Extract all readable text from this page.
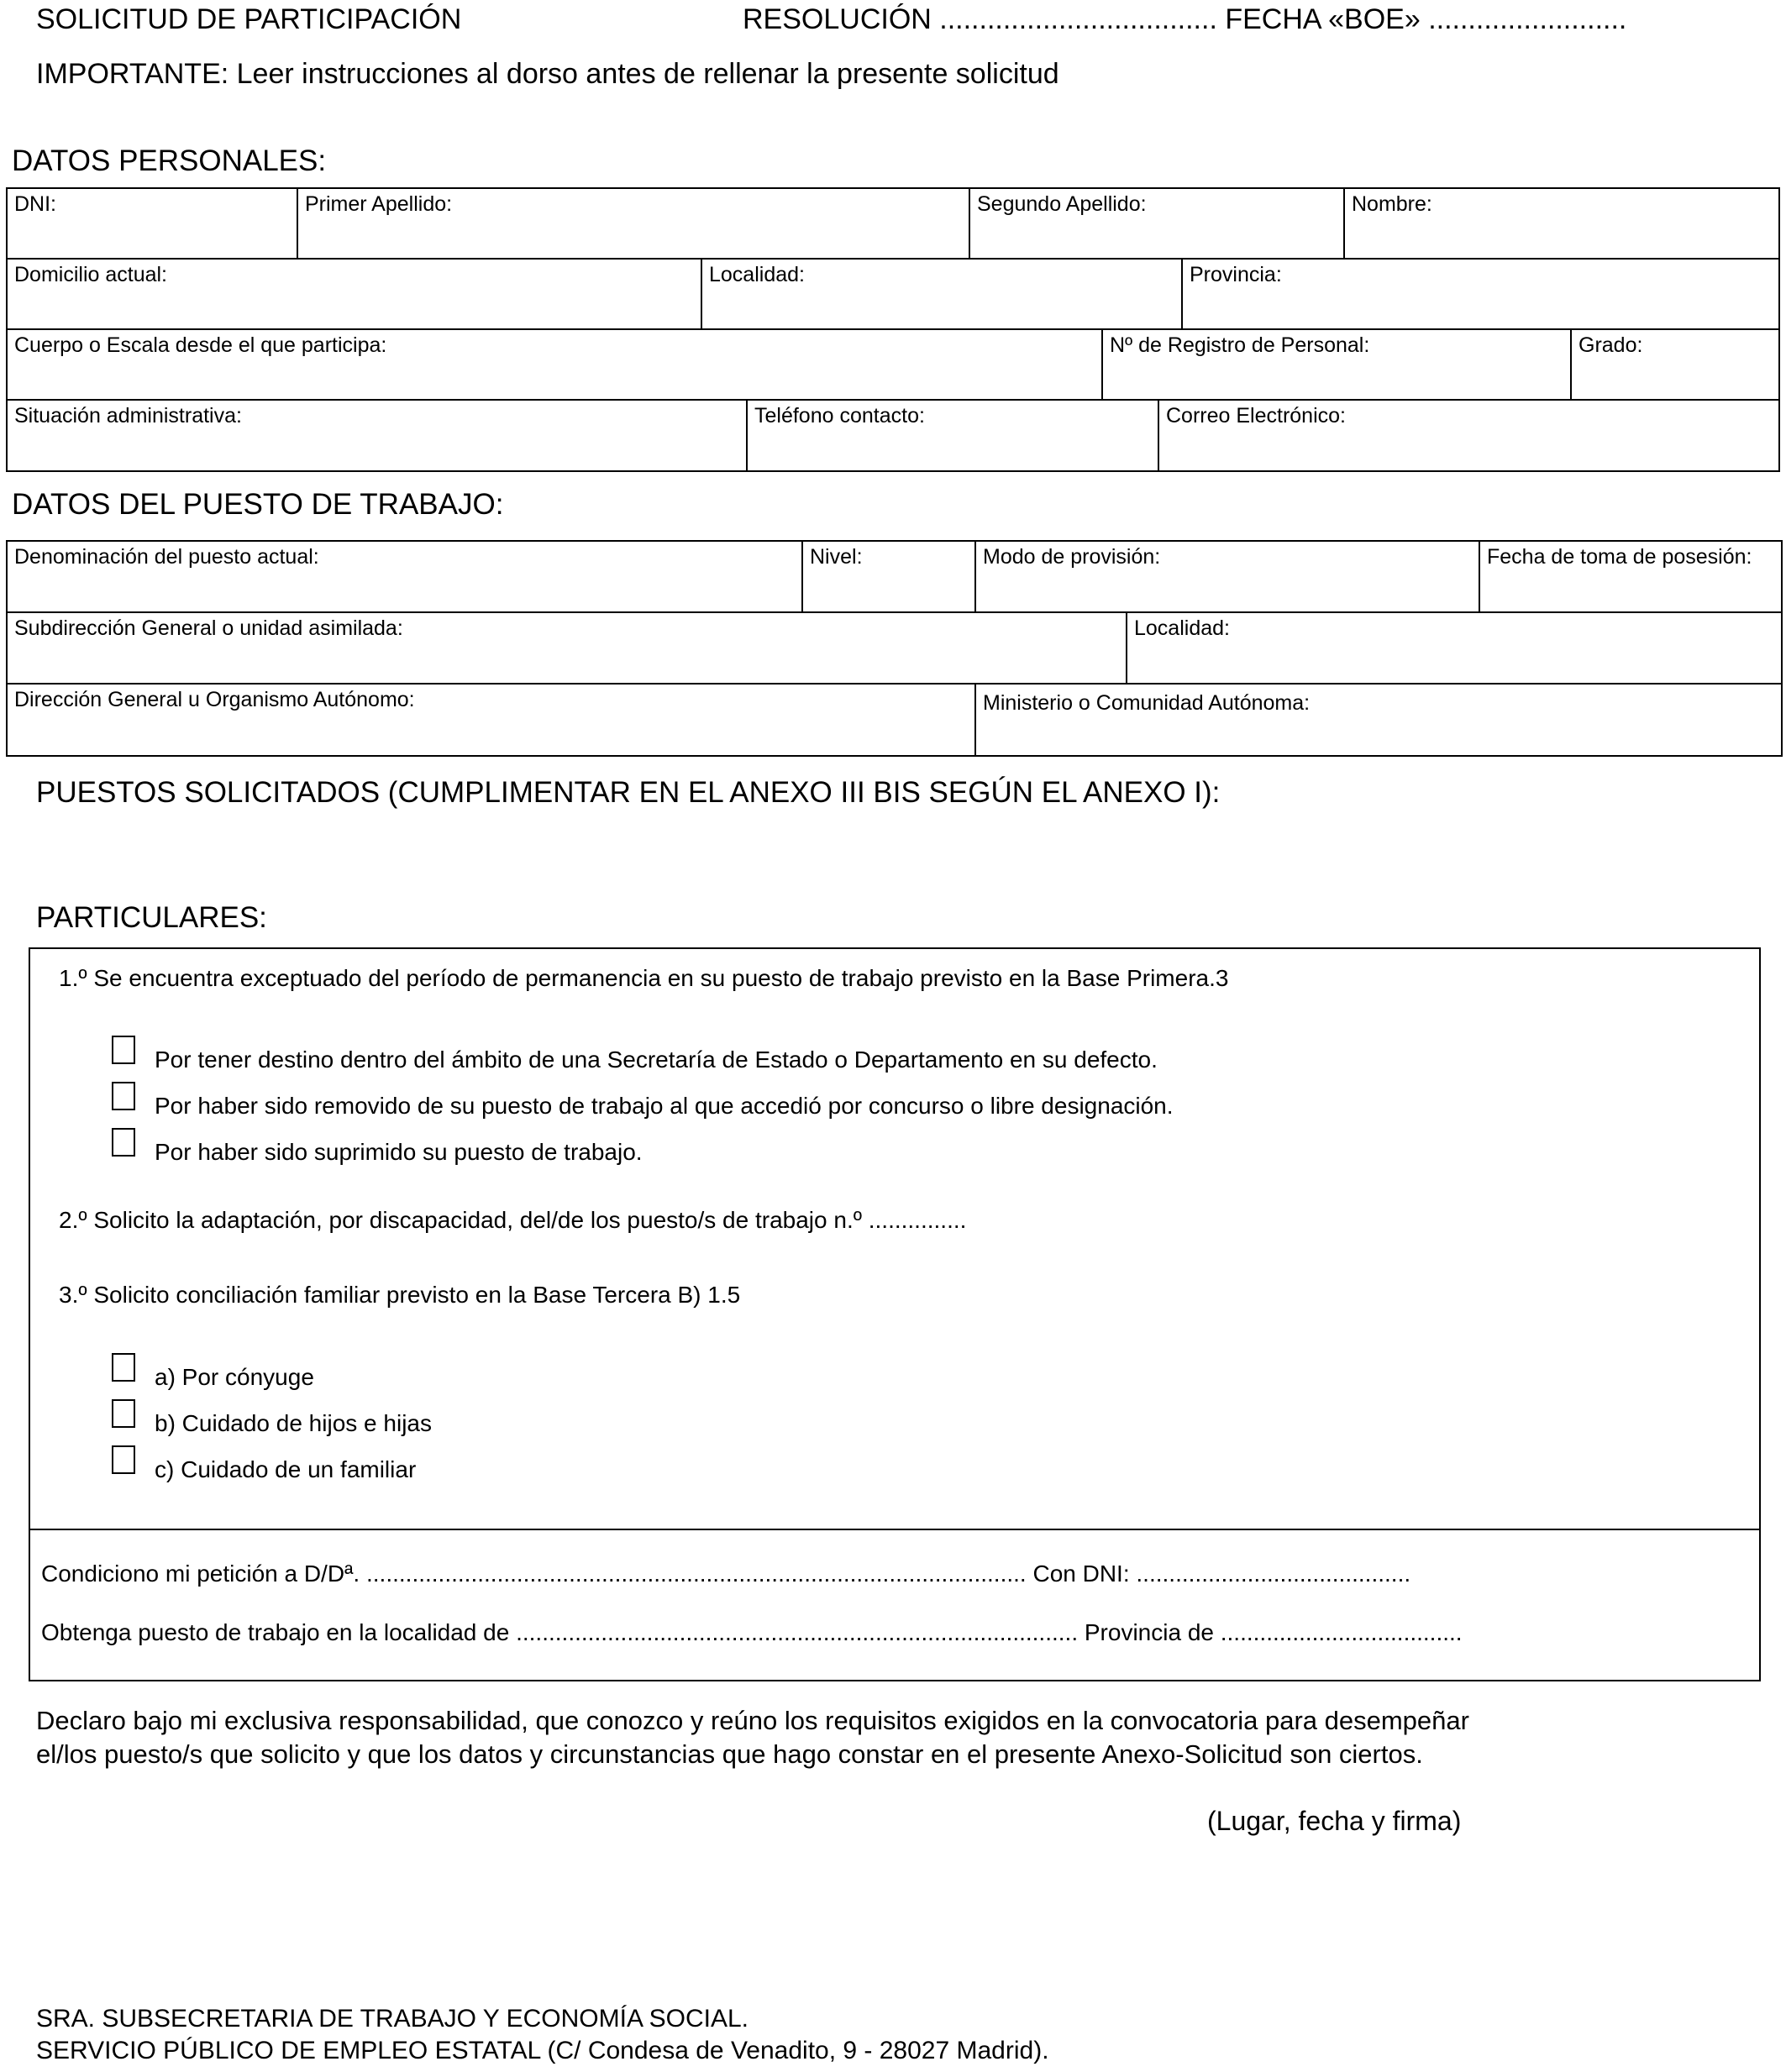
SOLICITUD DE PARTICIPACIÓN	RESOLUCIÓN ................................... FECHA «BOE» .........................
IMPORTANTE: Leer instrucciones al dorso antes de rellenar la presente solicitud
DATOS PERSONALES:
DNI:	Primer Apellido:	Segundo Apellido:	Nombre:
Domicilio actual:	Localidad:	Provincia:
Cuerpo o Escala desde el que participa:	Nº de Registro de Personal:	Grado:
Situación administrativa:	Teléfono contacto:	Correo Electrónico:
DATOS DEL PUESTO DE TRABAJO:
Denominación del puesto actual:	Nivel:	Modo de provisión:	Fecha de toma de posesión:
Subdirección General o unidad asimilada:	Localidad:
Dirección General u Organismo Autónomo:	Ministerio o Comunidad Autónoma:
PUESTOS SOLICITADOS (CUMPLIMENTAR EN EL ANEXO III BIS SEGÚN EL ANEXO I):
PARTICULARES:
1.º Se encuentra exceptuado del período de permanencia en su puesto de trabajo previsto en la Base Primera.3
Por tener destino dentro del ámbito de una Secretaría de Estado o Departamento en su defecto.
Por haber sido removido de su puesto de trabajo al que accedió por concurso o libre designación.
Por haber sido suprimido su puesto de trabajo.
2.º Solicito la adaptación, por discapacidad, del/de los puesto/s de trabajo n.º ...............
3.º Solicito conciliación familiar previsto en la Base Tercera B) 1.5
a) Por cónyuge
b) Cuidado de hijos e hijas
c) Cuidado de un familiar
Condiciono mi petición a D/Dª. ..................................................................................................... Con DNI: ..........................................
Obtenga puesto de trabajo en la localidad de ...................................................................................... Provincia de .....................................
Declaro bajo mi exclusiva responsabilidad, que conozco y reúno los requisitos exigidos en la convocatoria para desempeñar
el/los puesto/s que solicito y que los datos y circunstancias que hago constar en el presente Anexo-Solicitud son ciertos.
(Lugar, fecha y firma)
SRA. SUBSECRETARIA DE TRABAJO Y ECONOMÍA SOCIAL.
SERVICIO PÚBLICO DE EMPLEO ESTATAL (C/ Condesa de Venadito, 9 - 28027 Madrid).
